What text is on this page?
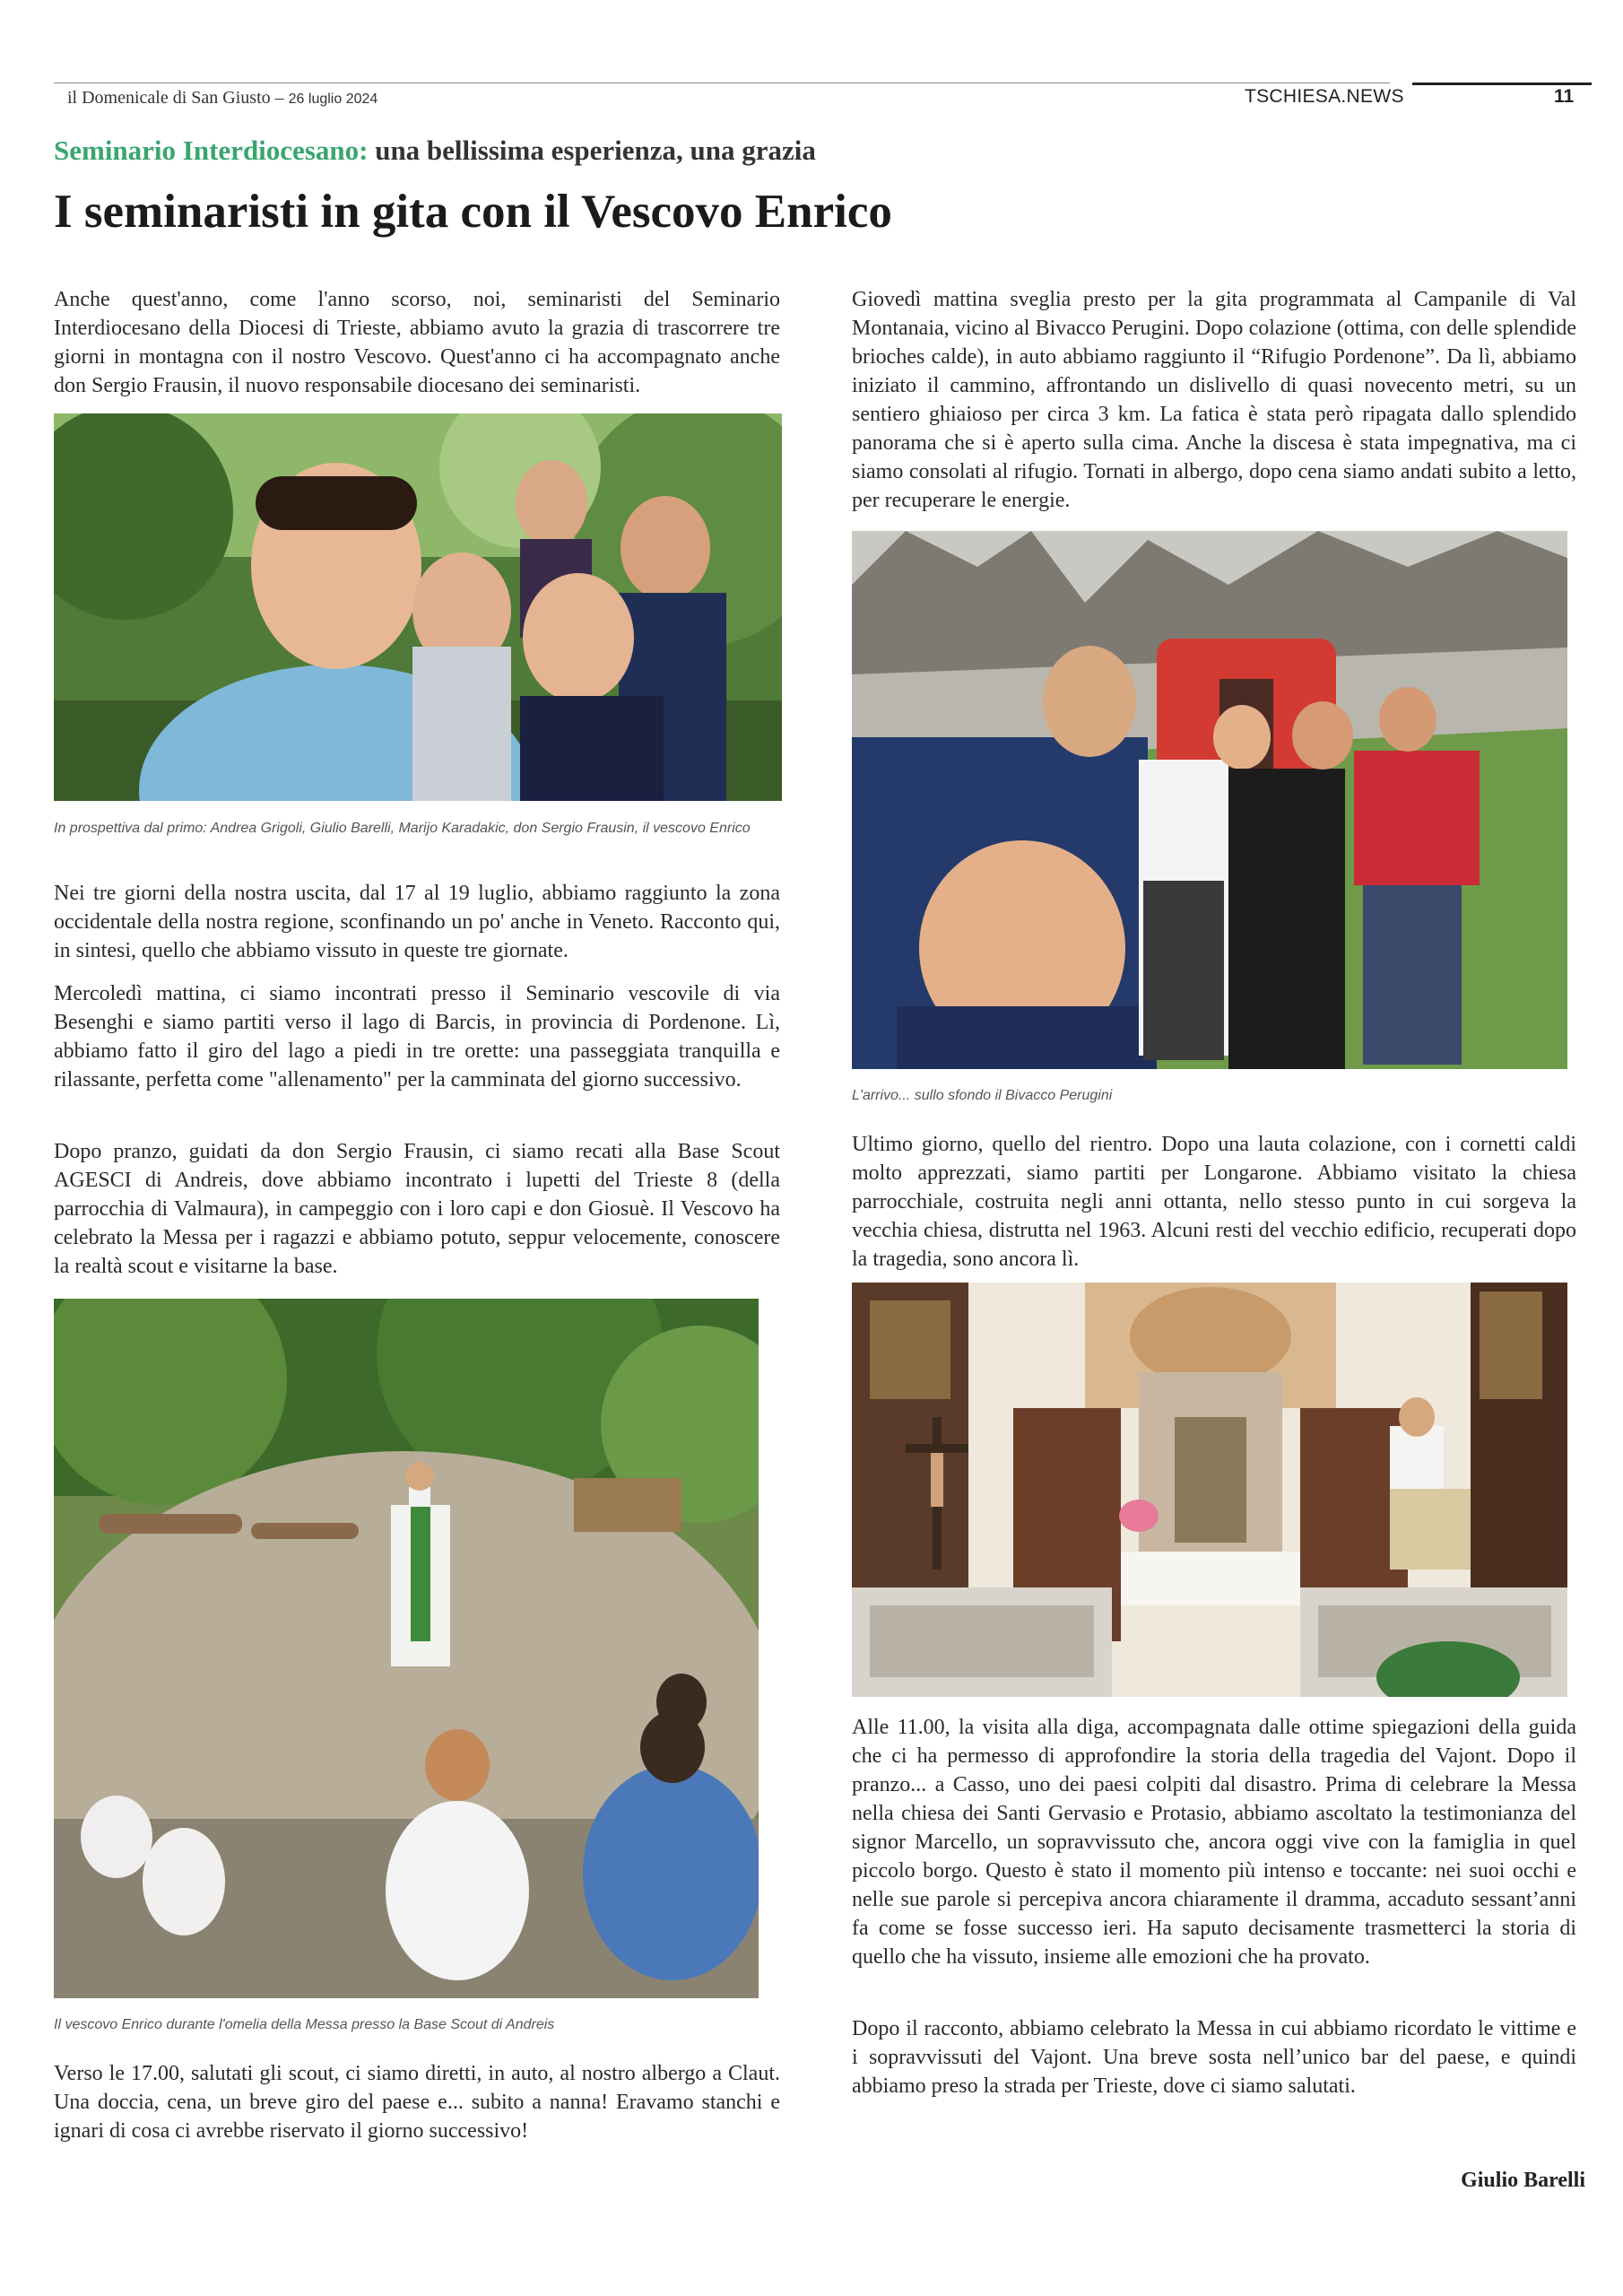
il Domenicale di San Giusto – 26 luglio 2024	TSCHIESA.NEWS	11
Seminario Interdiocesano: una bellissima esperienza, una grazia
I seminaristi in gita con il Vescovo Enrico

Anche quest'anno, come l'anno scorso, noi, seminaristi del Seminario Interdiocesano della Diocesi di Trieste, abbiamo avuto la grazia di trascorrere tre giorni in montagna con il nostro Vescovo. Quest'anno ci ha accompagnato anche don Sergio Frausin, il nuovo responsabile diocesano dei seminaristi.

In prospettiva dal primo: Andrea Grigoli, Giulio Barelli, Marijo Karadakic, don Sergio Frausin, il vescovo Enrico

Nei tre giorni della nostra uscita, dal 17 al 19 luglio, abbiamo raggiunto la zona occidentale della nostra regione, sconfinando un po' anche in Veneto. Racconto qui, in sintesi, quello che abbiamo vissuto in queste tre giornate.

Mercoledì mattina, ci siamo incontrati presso il Seminario vescovile di via Besenghi e siamo partiti verso il lago di Barcis, in provincia di Pordenone. Lì, abbiamo fatto il giro del lago a piedi in tre orette: una passeggiata tranquilla e rilassante, perfetta come "allenamento" per la camminata del giorno successivo.

Dopo pranzo, guidati da don Sergio Frausin, ci siamo recati alla Base Scout AGESCI di Andreis, dove abbiamo incontrato i lupetti del Trieste 8 (della parrocchia di Valmaura), in campeggio con i loro capi e don Giosuè. Il Vescovo ha celebrato la Messa per i ragazzi e abbiamo potuto, seppur velocemente, conoscere la realtà scout e visitarne la base.

Il vescovo Enrico durante l'omelia della Messa presso la Base Scout di Andreis

Verso le 17.00, salutati gli scout, ci siamo diretti, in auto, al nostro albergo a Claut. Una doccia, cena, un breve giro del paese e... subito a nanna! Eravamo stanchi e ignari di cosa ci avrebbe riservato il giorno successivo!

Giovedì mattina sveglia presto per la gita programmata al Campanile di Val Montanaia, vicino al Bivacco Perugini. Dopo colazione (ottima, con delle splendide brioches calde), in auto abbiamo raggiunto il “Rifugio Pordenone”. Da lì, abbiamo iniziato il cammino, affrontando un dislivello di quasi novecento metri, su un sentiero ghiaioso per circa 3 km. La fatica è stata però ripagata dallo splendido panorama che si è aperto sulla cima. Anche la discesa è stata impegnativa, ma ci siamo consolati al rifugio. Tornati in albergo, dopo cena siamo andati subito a letto, per recuperare le energie.

L'arrivo... sullo sfondo il Bivacco Perugini

Ultimo giorno, quello del rientro. Dopo una lauta colazione, con i cornetti caldi molto apprezzati, siamo partiti per Longarone. Abbiamo visitato la chiesa parrocchiale, costruita negli anni ottanta, nello stesso punto in cui sorgeva la vecchia chiesa, distrutta nel 1963. Alcuni resti del vecchio edificio, recuperati dopo la tragedia, sono ancora lì.

Alle 11.00, la visita alla diga, accompagnata dalle ottime spiegazioni della guida che ci ha permesso di approfondire la storia della tragedia del Vajont. Dopo il pranzo... a Casso, uno dei paesi colpiti dal disastro. Prima di celebrare la Messa nella chiesa dei Santi Gervasio e Protasio, abbiamo ascoltato la testimonianza del signor Marcello, un sopravvissuto che, ancora oggi vive con la famiglia in quel piccolo borgo. Questo è stato il momento più intenso e toccante: nei suoi occhi e nelle sue parole si percepiva ancora chiaramente il dramma, accaduto sessant’anni fa come se fosse successo ieri. Ha saputo decisamente trasmetterci la storia di quello che ha vissuto, insieme alle emozioni che ha provato.

Dopo il racconto, abbiamo celebrato la Messa in cui abbiamo ricordato le vittime e i sopravvissuti del Vajont. Una breve sosta nell’unico bar del paese, e quindi abbiamo preso la strada per Trieste, dove ci siamo salutati.

Giulio Barelli
